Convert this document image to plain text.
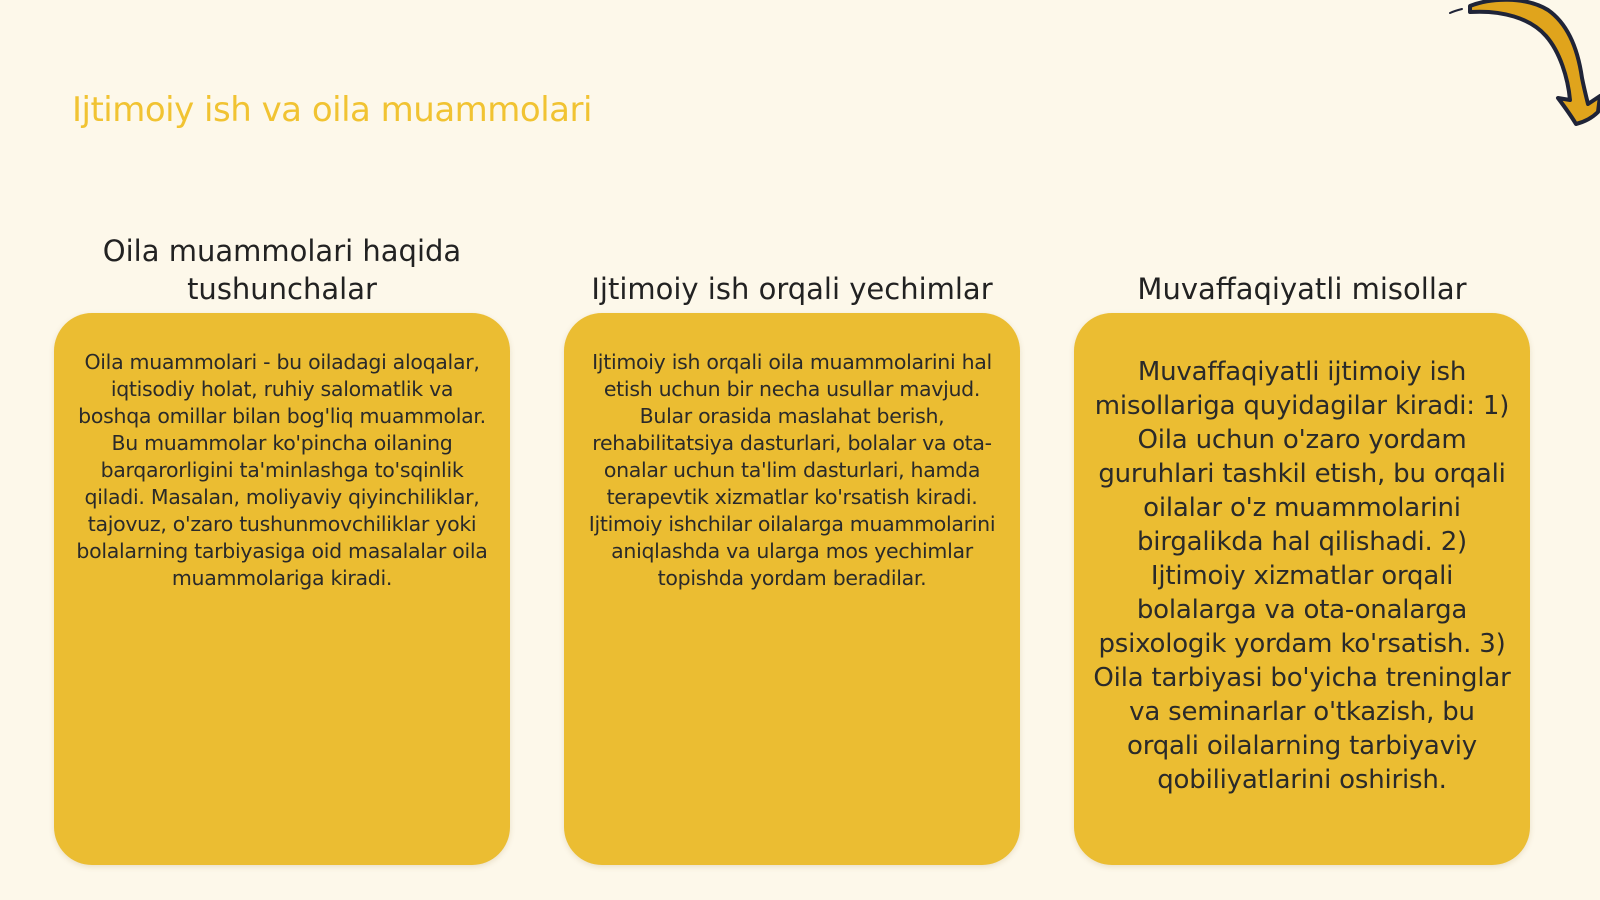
Ijtimoiy ish va oila muammolari
Oila muammolari haqida tushunchalar

Oila muammolari - bu oiladagi aloqalar, iqtisodiy holat, ruhiy salomatlik va boshqa omillar bilan bog'liq muammolar. Bu muammolar ko'pincha oilaning barqarorligini ta'minlashga to'sqinlik qiladi. Masalan, moliyaviy qiyinchiliklar, tajovuz, o'zaro tushunmovchiliklar yoki bolalarning tarbiyasiga oid masalalar oila muammolariga kiradi.

Ijtimoiy ish orqali yechimlar

Ijtimoiy ish orqali oila muammolarini hal etish uchun bir necha usullar mavjud. Bular orasida maslahat berish, rehabilitatsiya dasturlari, bolalar va ota-onalar uchun ta'lim dasturlari, hamda terapevtik xizmatlar ko'rsatish kiradi. Ijtimoiy ishchilar oilalarga muammolarini aniqlashda va ularga mos yechimlar topishda yordam beradilar.

Muvaffaqiyatli misollar

Muvaffaqiyatli ijtimoiy ish misollariga quyidagilar kiradi: 1) Oila uchun o'zaro yordam guruhlari tashkil etish, bu orqali oilalar o'z muammolarini birgalikda hal qilishadi. 2) Ijtimoiy xizmatlar orqali bolalarga va ota-onalarga psixologik yordam ko'rsatish. 3) Oila tarbiyasi bo'yicha treninglar va seminarlar o'tkazish, bu orqali oilalarning tarbiyaviy qobiliyatlarini oshirish.
